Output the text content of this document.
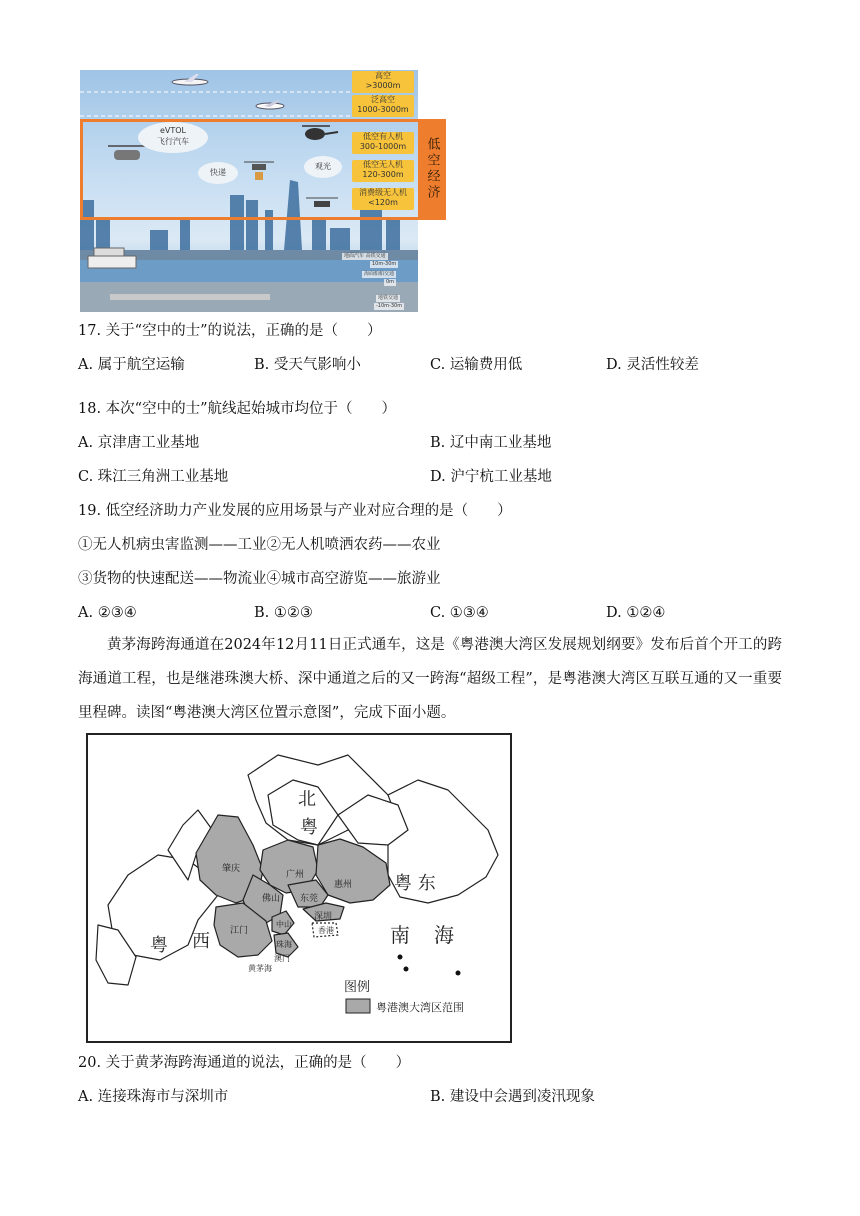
高空
>3000m
泛高空
1000-3000m
低空有人机
300-1000m
低空无人机
120-300m
消费级无人机
<120m
eVTOL
飞行汽车
快递
观光
地面汽车 高铁交通
10m-30m
海面船舶交通
0m
地铁交通
-10m-30m
低空经济
17. 关于“空中的士”的说法，正确的是（　　）
A. 属于航空运输	B. 受天气影响小	C. 运输费用低	D. 灵活性较差
18. 本次“空中的士”航线起始城市均位于（　　）
A. 京津唐工业基地	B. 辽中南工业基地
C. 珠江三角洲工业基地	D. 沪宁杭工业基地
19. 低空经济助力产业发展的应用场景与产业对应合理的是（　　）
①无人机病虫害监测——工业②无人机喷洒农药——农业
③货物的快速配送——物流业④城市高空游览——旅游业
A. ②③④	B. ①②③	C. ①③④	D. ①②④
黄茅海跨海通道在2024年12月11日正式通车，这是《粤港澳大湾区发展规划纲要》发布后首个开工的跨海通道工程，也是继港珠澳大桥、深中通道之后的又一跨海“超级工程”，是粤港澳大湾区互联互通的又一重要里程碑。读图“粤港澳大湾区位置示意图”，完成下面小题。
北
粤
粤 东
粤 西	南 海
肇庆
广州
惠州
佛山 东莞
深圳
中山
江门
珠海
香港
澳门
黄茅海
图例
粤港澳大湾区范围
20. 关于黄茅海跨海通道的说法，正确的是（　　）
A. 连接珠海市与深圳市	B. 建设中会遇到凌汛现象
